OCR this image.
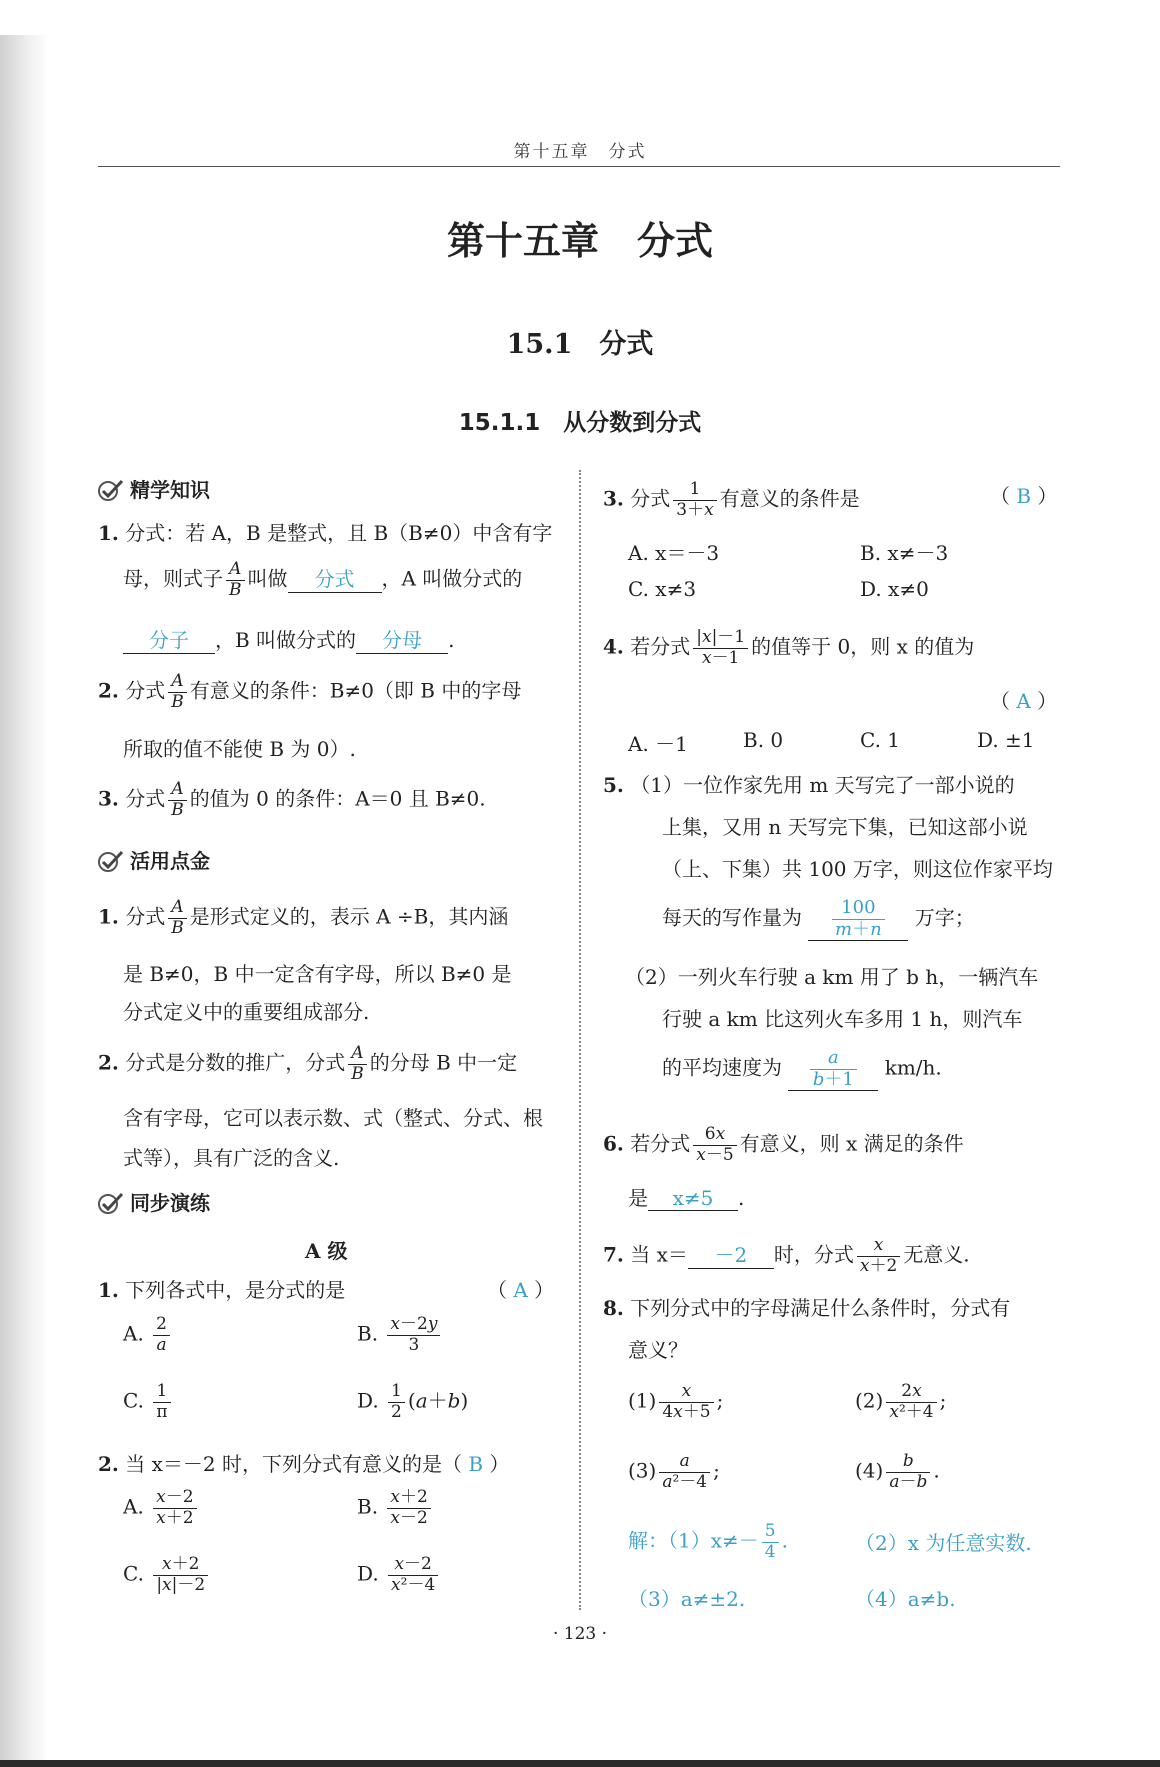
第十五章　分式
第十五章　分式
15.1　分式
15.1.1　从分数到分式
精学知识
1. 分式：若 A，B 是整式，且 B（B≠0）中含有字
母，则式子 $\frac{A}{B}$ 叫做 分式 ，A 叫做分式的
分子 ，B 叫做分式的 分母 .
2. 分式 $\frac{A}{B}$ 有意义的条件：B≠0（即 B 中的字母
所取的值不能使 B 为 0）.
3. 分式 $\frac{A}{B}$ 的值为 0 的条件：A＝0 且 B≠0.
活用点金
1. 分式 $\frac{A}{B}$ 是形式定义的，表示 A ÷B，其内涵
是 B≠0，B 中一定含有字母，所以 B≠0 是
分式定义中的重要组成部分.
2. 分式是分数的推广，分式 $\frac{A}{B}$ 的分母 B 中一定
含有字母，它可以表示数、式（整式、分式、根
式等），具有广泛的含义.
同步演练
A 级
1. 下列各式中，是分式的是	（ A ）
A. $\frac{2}{a}$	B. $\frac{x-2y}{3}$
C. $\frac{1}{\pi}$	D. $\frac{1}{2} (a+b)$
2. 当 x＝－2 时，下列分式有意义的是（ B ）
A. $\frac{x-2}{x+2}$	B. $\frac{x+2}{x-2}$
C. $\frac{x+2}{|x|-2}$	D. $\frac{x-2}{\text{x²－4}}$
3. 分式 $\frac{1}{3+x}$ 有意义的条件是	（ B ）
A. x＝－3	B. x≠－3
C. x≠3	D. x≠0
4. 若分式 $\frac{|x|-1}{x-1}$ 的值等于 0，则 x 的值为
（ A ）
A. －1	B. 0	C. 1	D. ±1
5. （1）一位作家先用 m 天写完了一部小说的
上集，又用 n 天写完下集，已知这部小说
（上、下集）共 100 万字，则这位作家平均
每天的写作量为 $\frac{100}{m+n}$ 万字；
（2）一列火车行驶 a km 用了 b h，一辆汽车
行驶 a km 比这列火车多用 1 h，则汽车
的平均速度为 $\frac{a}{b+1} km/h$.
6. 若分式 $\frac{6x}{x-5}$ 有意义，则 x 满足的条件
是 x≠5 .
7. 当 x＝ －2 时，分式 $\frac{x}{x+2}$ 无意义.
8. 下列分式中的字母满足什么条件时，分式有
意义？
$(1) \frac{x}{4x+5}$ ;	$(2) \frac{2x}{\text{x²＋4}}$ ;
$(3) \frac{a}{\text{a²－4}}$ ;	$(4) \frac{b}{a-b}$ .
解：$(1)x\ne- \frac{5}{4}$ .	（2）x 为任意实数.
（3）a≠±2.	（4）a≠b.
· 123 ·
